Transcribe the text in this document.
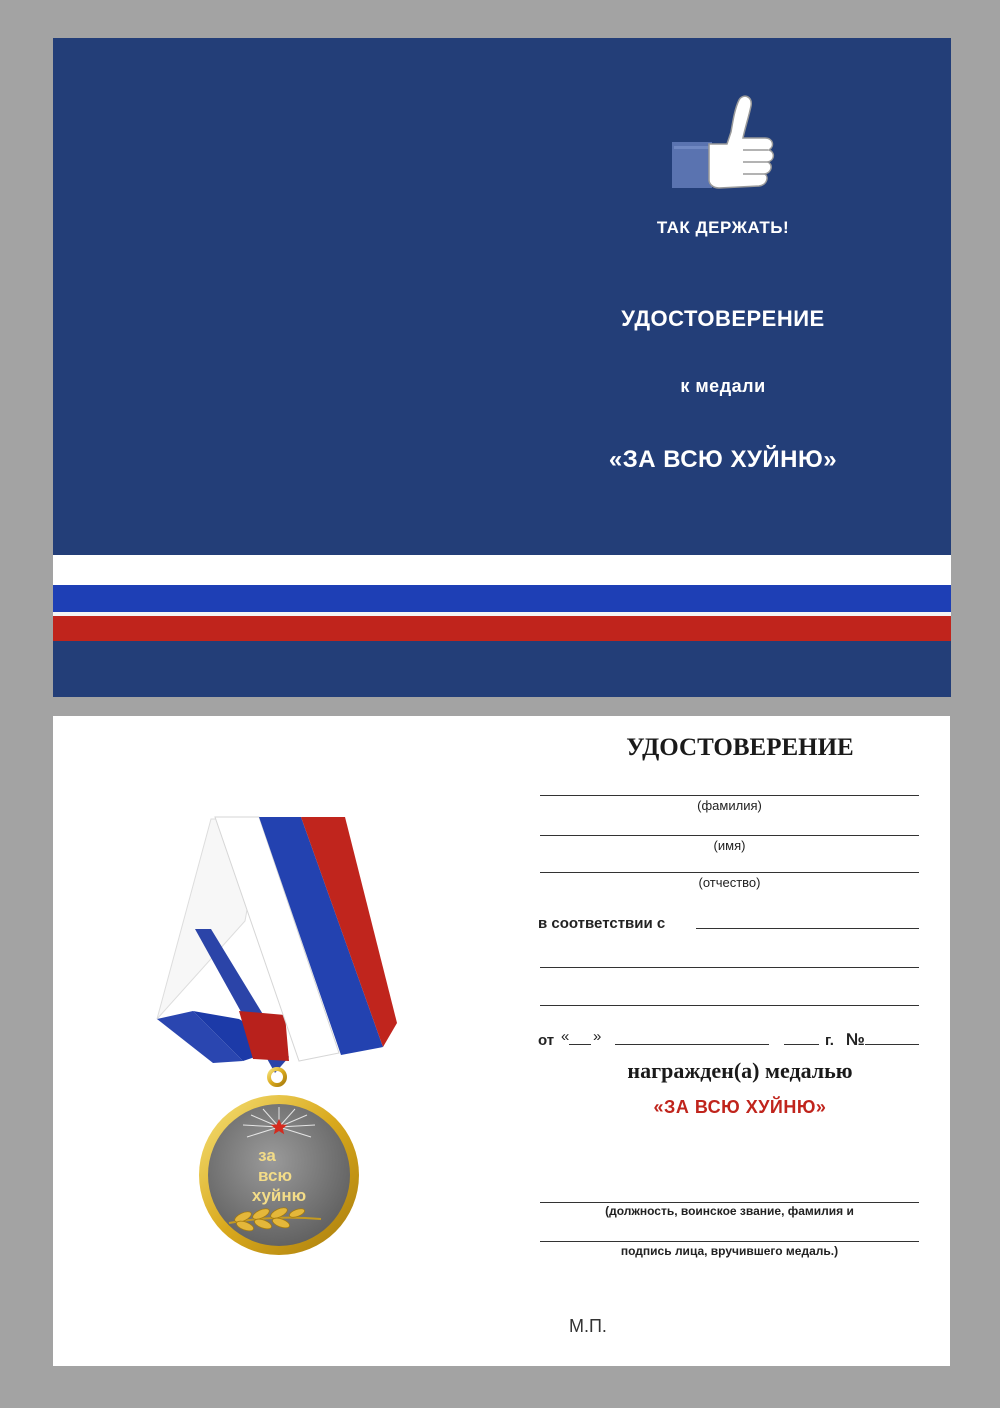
ТАК ДЕРЖАТЬ!
УДОСТОВЕРЕНИЕ
к медали
«ЗА ВСЮ ХУЙНЮ»
за
всю
хуйню
УДОСТОВЕРЕНИЕ
(фамилия)
(имя)
(отчество)
в соответствии с
от « »	г. №
награжден(а) медалью
«ЗА ВСЮ ХУЙНЮ»
(должность, воинское звание, фамилия и
подпись лица, вручившего медаль.)
М.П.
